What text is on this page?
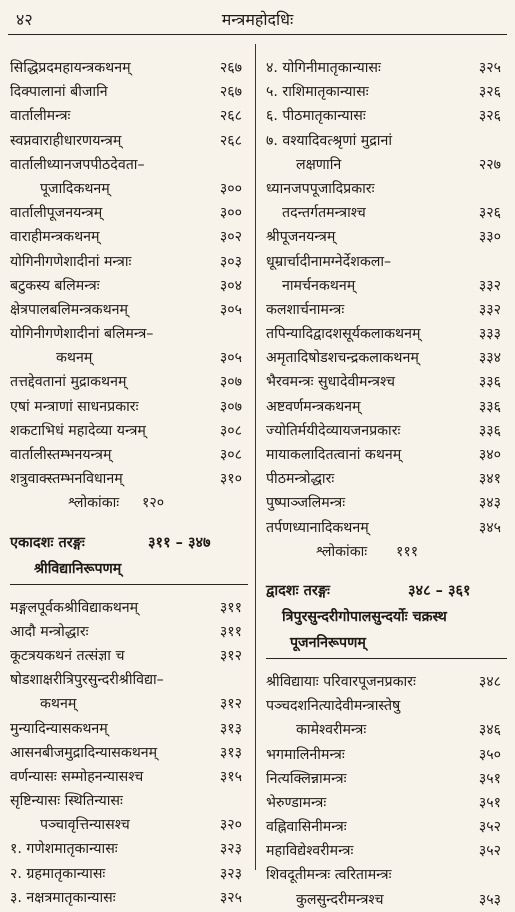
४२	मन्त्रमहोदधिः
सिद्धिप्रदमहायन्त्रकथनम्	२६७
दिक्पालानां बीजानि	२६७
वार्तालीमन्त्रः	२६८
स्वप्नवाराहीधारणयन्त्रम्	२६८
वार्तालीध्यानजपपीठदेवता–
पूजादिकथनम्	३००
वार्तालीपूजनयन्त्रम्	३००
वाराहीमन्त्रकथनम्	३०२
योगिनीगणेशादीनां मन्त्राः	३०३
बटुकस्य बलिमन्त्रः	३०४
क्षेत्रपालबलिमन्त्रकथनम्	३०५
योगिनीगणेशादीनां बलिमन्त्र–
कथनम्	३०५
तत्तद्देवतानां मुद्राकथनम्	३०७
एषां मन्त्राणां साधनप्रकारः	३०७
शकटाभिधं महादेव्या यन्त्रम्	३०८
वार्तालीस्तम्भनयन्त्रम्	३०८
शत्रुवाक्स्तम्भनविधानम्	३१०
श्लोकांकाः १२०
एकादशः तरङ्गः	३११ – ३४७
श्रीविद्यानिरूपणम्
मङ्गलपूर्वकश्रीविद्याकथनम्	३११
आदौ मन्त्रोद्धारः	३११
कूटत्रयकथनं तत्संज्ञा च	३१२
षोडशाक्षरीत्रिपुरसुन्दरीश्रीविद्या–
कथनम्	३१२
मुन्यादिन्यासकथनम्	३१३
आसनबीजमुद्रादिन्यासकथनम्	३१३
वर्णन्यासः सम्मोहनन्यासश्च	३१५
सृष्टिन्यासः स्थितिन्यासः
पञ्चावृत्तिन्यासश्च	३२०
१. गणेशमातृकान्यासः	३२३
२. ग्रहमातृकान्यासः	३२३
३. नक्षत्रमातृकान्यासः	३२५
४. योगिनीमातृकान्यासः	३२५
५. राशिमातृकान्यासः	३२६
६. पीठमातृकान्यासः	३२६
७. वश्यादिवत्श्रृणां मुद्रानां
लक्षणानि	२२७
ध्यानजपपूजादिप्रकारः
तदन्तर्गतमन्त्राश्च	३२६
श्रीपूजनयन्त्रम्	३३०
धूम्रार्चादीनामग्नेर्देशकला–
नामर्चनकथनम्	३३२
कलशार्चनामन्त्रः	३३२
तपिन्यादिद्वादशसूर्यकलाकथनम्	३३३
अमृतादिषोडशचन्द्रकलाकथनम्	३३४
भैरवमन्त्रः सुधादेवीमन्त्रश्च	३३६
अष्टवर्णमन्त्रकथनम्	३३६
ज्योतिर्मयीदेव्यायजनप्रकारः	३३६
मायाकलादितत्वानां कथनम्	३४०
पीठमन्त्रोद्धारः	३४१
पुष्पाञ्जलिमन्त्रः	३४३
तर्पणध्यानादिकथनम्	३४५
श्लोकांकाः १११
द्वादशः तरङ्गः	३४८ – ३६१
त्रिपुरसुन्दरीगोपालसुन्दर्योः चक्रस्थ
पूजननिरूपणम्
श्रीविद्यायाः परिवारपूजनप्रकारः	३४८
पञ्चदशनित्यादेवीमन्त्रास्तेषु
कामेश्वरीमन्त्रः	३४६
भगमालिनीमन्त्रः	३५०
नित्यक्लिन्नामन्त्रः	३५१
भेरुण्डामन्त्रः	३५१
वह्निवासिनीमन्त्रः	३५२
महाविद्येश्वरीमन्त्रः	३५२
शिवदूतीमन्त्रः त्वरितामन्त्रः
कुलसुन्दरीमन्त्रश्च	३५३
